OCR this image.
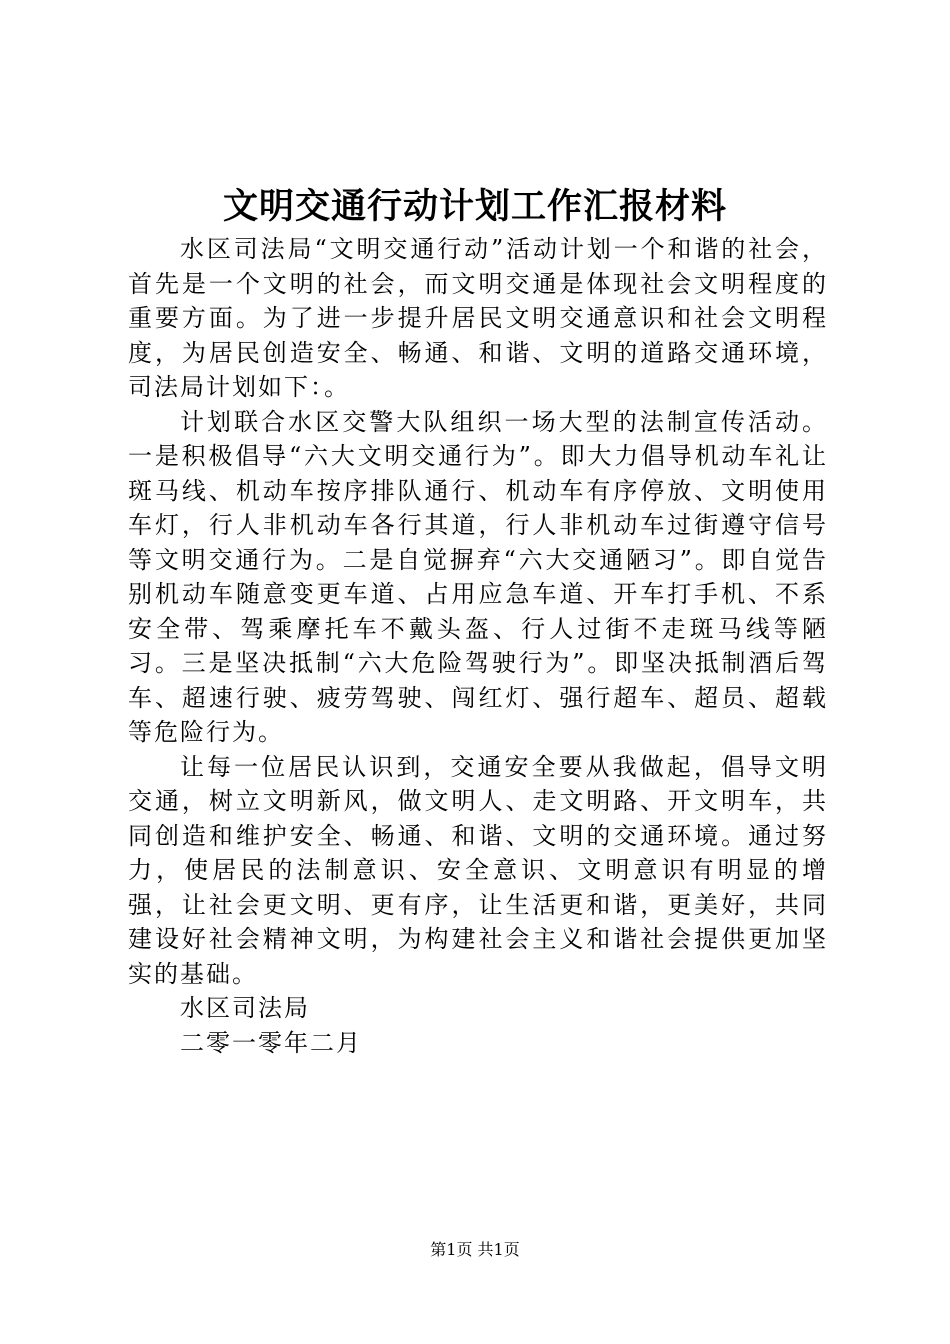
文明交通行动计划工作汇报材料

水区司法局“文明交通行动”活动计划一个和谐的社会，首先是一个文明的社会，而文明交通是体现社会文明程度的重要方面。为了进一步提升居民文明交通意识和社会文明程度，为居民创造安全、畅通、和谐、文明的道路交通环境，司法局计划如下：。

计划联合水区交警大队组织一场大型的法制宣传活动。一是积极倡导“六大文明交通行为”。即大力倡导机动车礼让斑马线、机动车按序排队通行、机动车有序停放、文明使用车灯，行人非机动车各行其道，行人非机动车过街遵守信号等文明交通行为。二是自觉摒弃“六大交通陋习”。即自觉告别机动车随意变更车道、占用应急车道、开车打手机、不系安全带、驾乘摩托车不戴头盔、行人过街不走斑马线等陋习。三是坚决抵制“六大危险驾驶行为”。即坚决抵制酒后驾车、超速行驶、疲劳驾驶、闯红灯、强行超车、超员、超载等危险行为。

让每一位居民认识到，交通安全要从我做起，倡导文明交通，树立文明新风，做文明人、走文明路、开文明车，共同创造和维护安全、畅通、和谐、文明的交通环境。通过努力，使居民的法制意识、安全意识、文明意识有明显的增强，让社会更文明、更有序，让生活更和谐，更美好，共同建设好社会精神文明，为构建社会主义和谐社会提供更加坚实的基础。

水区司法局

二零一零年二月

第1页 共1页
